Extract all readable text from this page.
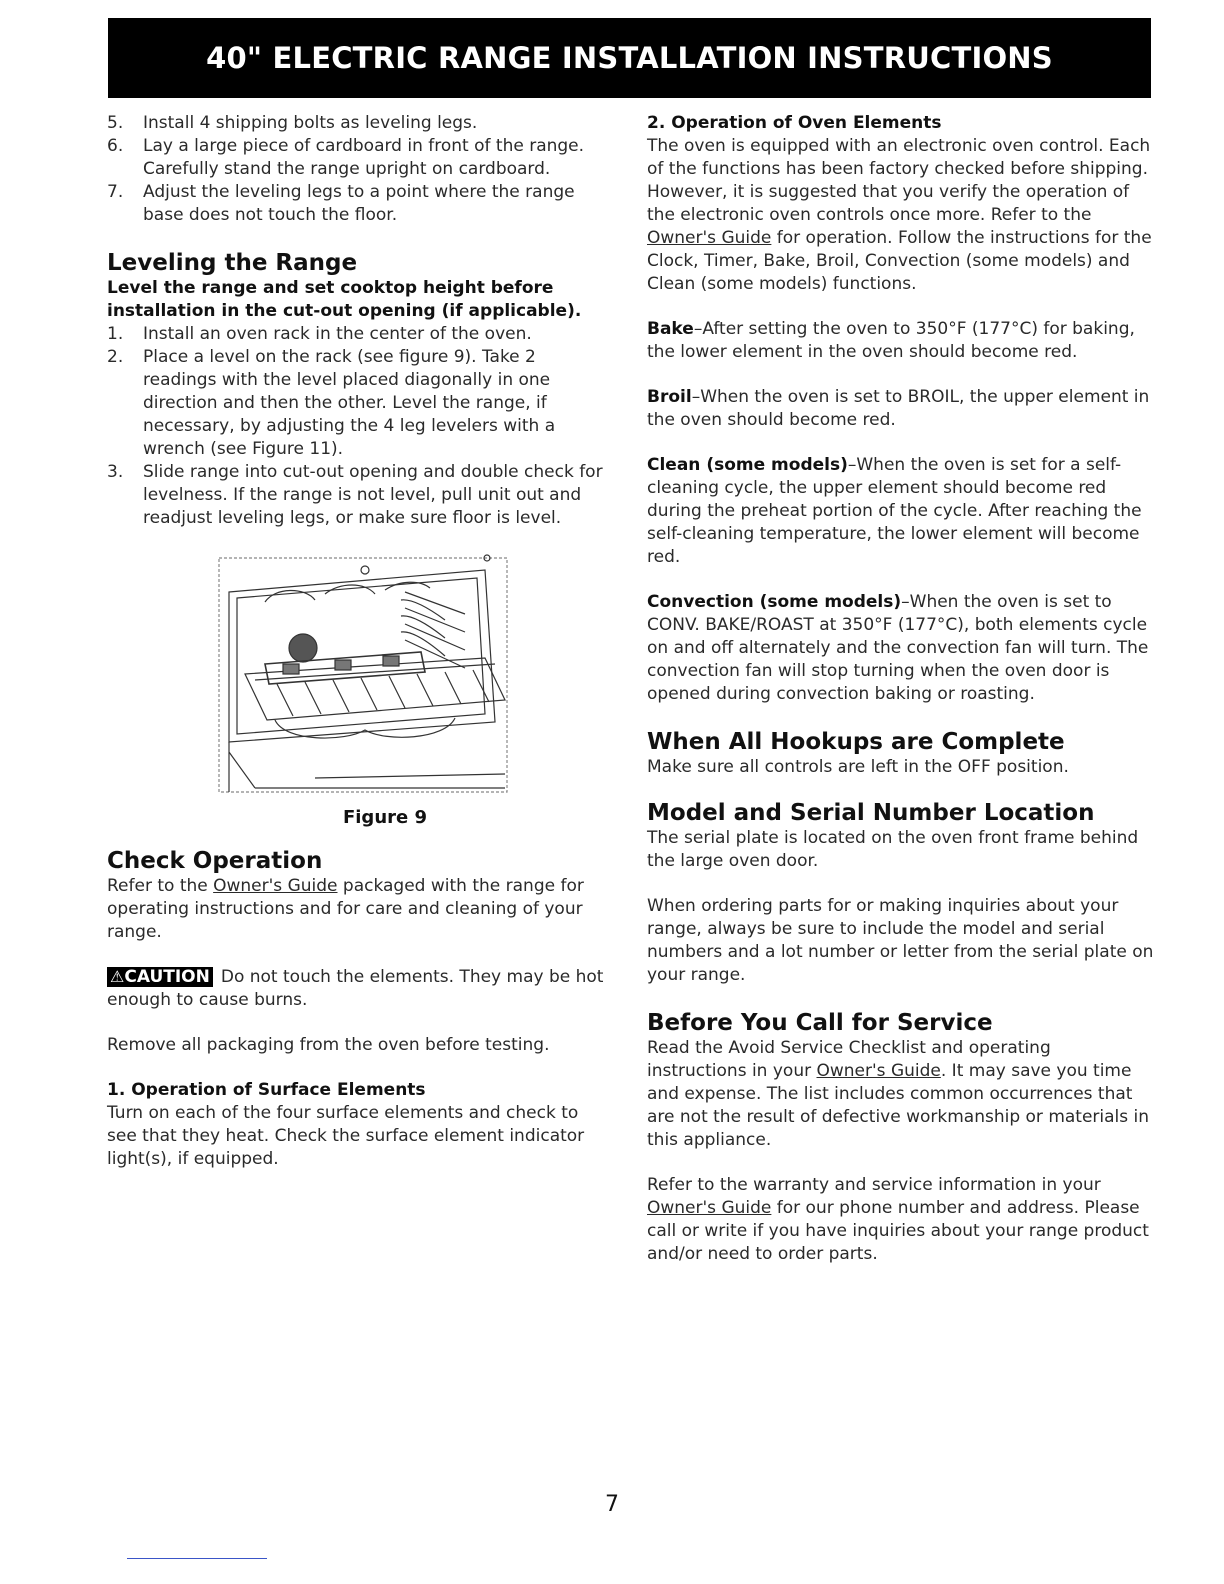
40" ELECTRIC RANGE INSTALLATION INSTRUCTIONS
5. Install 4 shipping bolts as leveling legs.
6. Lay a large piece of cardboard in front of the range. Carefully stand the range upright on cardboard.
7. Adjust the leveling legs to a point where the range base does not touch the floor.
Leveling the Range

Level the range and set cooktop height before installation in the cut-out opening (if applicable).

1. Install an oven rack in the center of the oven.
2. Place a level on the rack (see figure 9). Take 2 readings with the level placed diagonally in one direction and then the other. Level the range, if necessary, by adjusting the 4 leg levelers with a wrench (see Figure 11).
3. Slide range into cut-out opening and double check for levelness. If the range is not level, pull unit out and readjust leveling legs, or make sure floor is level.
Figure 9
Check Operation

Refer to the Owner's Guide packaged with the range for operating instructions and for care and cleaning of your range.

⚠CAUTION Do not touch the elements. They may be hot enough to cause burns.

Remove all packaging from the oven before testing.

1. Operation of Surface Elements

Turn on each of the four surface elements and check to see that they heat. Check the surface element indicator light(s), if equipped.

2. Operation of Oven Elements

The oven is equipped with an electronic oven control. Each of the functions has been factory checked before shipping. However, it is suggested that you verify the operation of the electronic oven controls once more. Refer to the Owner's Guide for operation. Follow the instructions for the Clock, Timer, Bake, Broil, Convection (some models) and Clean (some models) functions.

Bake–After setting the oven to 350°F (177°C) for baking, the lower element in the oven should become red.

Broil–When the oven is set to BROIL, the upper element in the oven should become red.

Clean (some models)–When the oven is set for a self-cleaning cycle, the upper element should become red during the preheat portion of the cycle. After reaching the self-cleaning temperature, the lower element will become red.

Convection (some models)–When the oven is set to CONV. BAKE/ROAST at 350°F (177°C), both elements cycle on and off alternately and the convection fan will turn. The convection fan will stop turning when the oven door is opened during convection baking or roasting.

When All Hookups are Complete

Make sure all controls are left in the OFF position.

Model and Serial Number Location

The serial plate is located on the oven front frame behind the large oven door.

When ordering parts for or making inquiries about your range, always be sure to include the model and serial numbers and a lot number or letter from the serial plate on your range.

Before You Call for Service

Read the Avoid Service Checklist and operating instructions in your Owner's Guide. It may save you time and expense. The list includes common occurrences that are not the result of defective workmanship or materials in this appliance.

Refer to the warranty and service information in your Owner's Guide for our phone number and address. Please call or write if you have inquiries about your range product and/or need to order parts.

7
